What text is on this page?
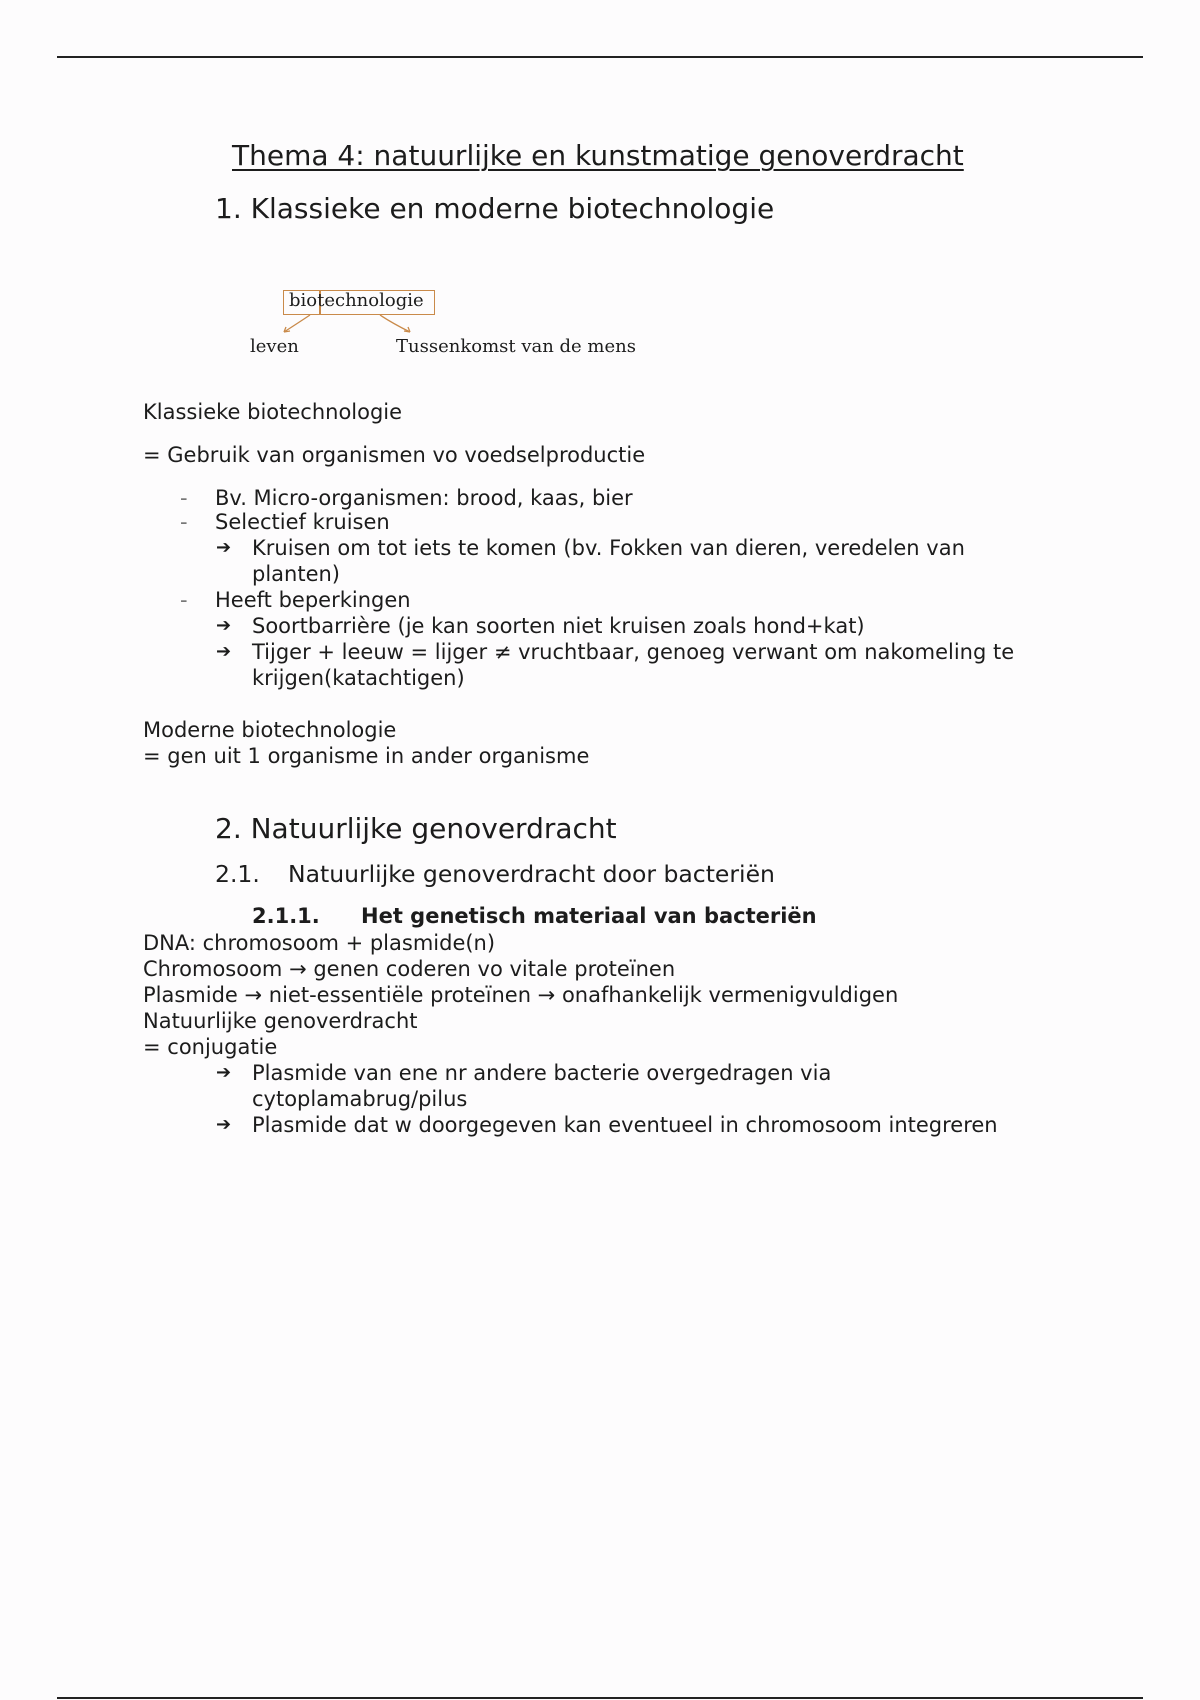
Thema 4: natuurlijke en kunstmatige genoverdracht
1. Klassieke en moderne biotechnologie
biotechnologie
leven	Tussenkomst van de mens
Klassieke biotechnologie
= Gebruik van organismen vo voedselproductie
- Bv. Micro-organismen: brood, kaas, bier
- Selectief kruisen
➔ Kruisen om tot iets te komen (bv. Fokken van dieren, veredelen van
planten)
- Heeft beperkingen
➔ Soortbarrière (je kan soorten niet kruisen zoals hond+kat)
➔ Tijger + leeuw = lijger ≠ vruchtbaar, genoeg verwant om nakomeling te
krijgen(katachtigen)
Moderne biotechnologie
= gen uit 1 organisme in ander organisme
2. Natuurlijke genoverdracht
2.1. Natuurlijke genoverdracht door bacteriën
2.1.1. Het genetisch materiaal van bacteriën
DNA: chromosoom + plasmide(n)
Chromosoom → genen coderen vo vitale proteïnen
Plasmide → niet-essentiële proteïnen → onafhankelijk vermenigvuldigen
Natuurlijke genoverdracht
= conjugatie
➔ Plasmide van ene nr andere bacterie overgedragen via
cytoplamabrug/pilus
➔ Plasmide dat w doorgegeven kan eventueel in chromosoom integreren
